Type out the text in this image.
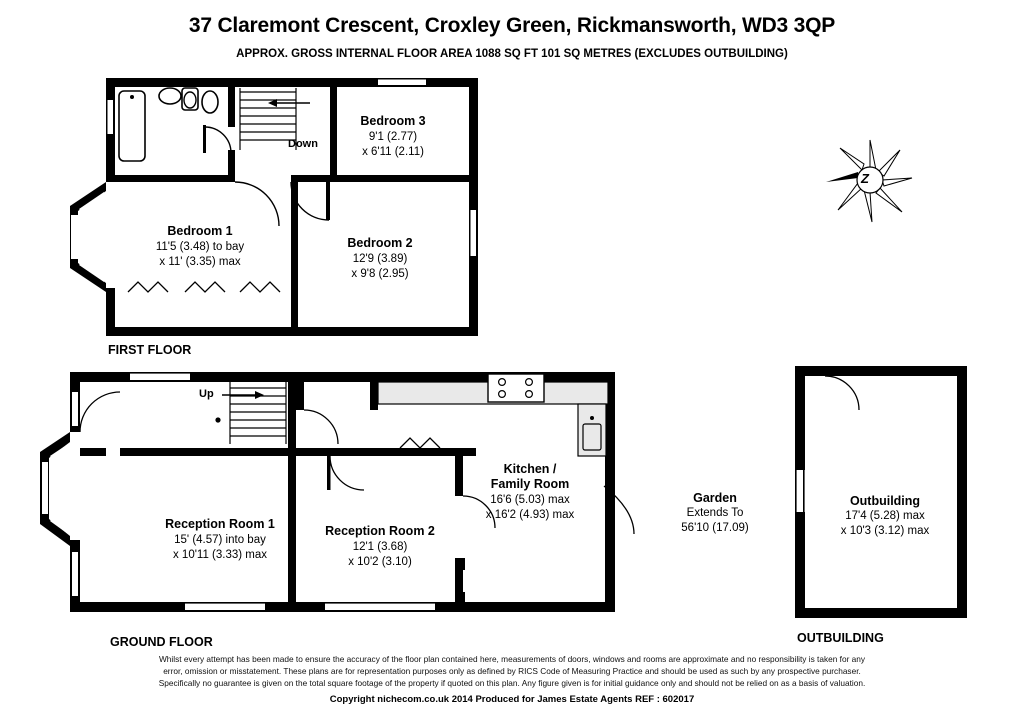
37 Claremont Crescent, Croxley Green, Rickmansworth, WD3 3QP
APPROX. GROSS INTERNAL FLOOR AREA 1088 SQ FT 101 SQ METRES (EXCLUDES OUTBUILDING)
Z
Down
Bedroom 3
9'1 (2.77)
x 6'11 (2.11)
Bedroom 1
11'5 (3.48) to bay
x 11' (3.35) max
Bedroom 2
12'9 (3.89)
x 9'8 (2.95)
FIRST FLOOR
Up
Kitchen /
Family Room
16'6 (5.03) max
x 16'2 (4.93) max
Reception Room 1
15' (4.57) into bay
x 10'11 (3.33) max
Reception Room 2
12'1 (3.68)
x 10'2 (3.10)
Garden
Extends To
56'10 (17.09)
GROUND FLOOR
Outbuilding
17'4 (5.28) max
x 10'3 (3.12) max
OUTBUILDING
Whilst every attempt has been made to ensure the accuracy of the floor plan contained here, measurements of doors, windows and rooms are approximate and no responsibility is taken for any
error, omission or misstatement. These plans are for representation purposes only as defined by RICS Code of Measuring Practice and should be used as such by any prospective purchaser.
Specifically no guarantee is given on the total square footage of the property if quoted on this plan. Any figure given is for initial guidance only and should not be relied on as a basis of valuation.
Copyright nichecom.co.uk 2014 Produced for James Estate Agents REF : 602017
